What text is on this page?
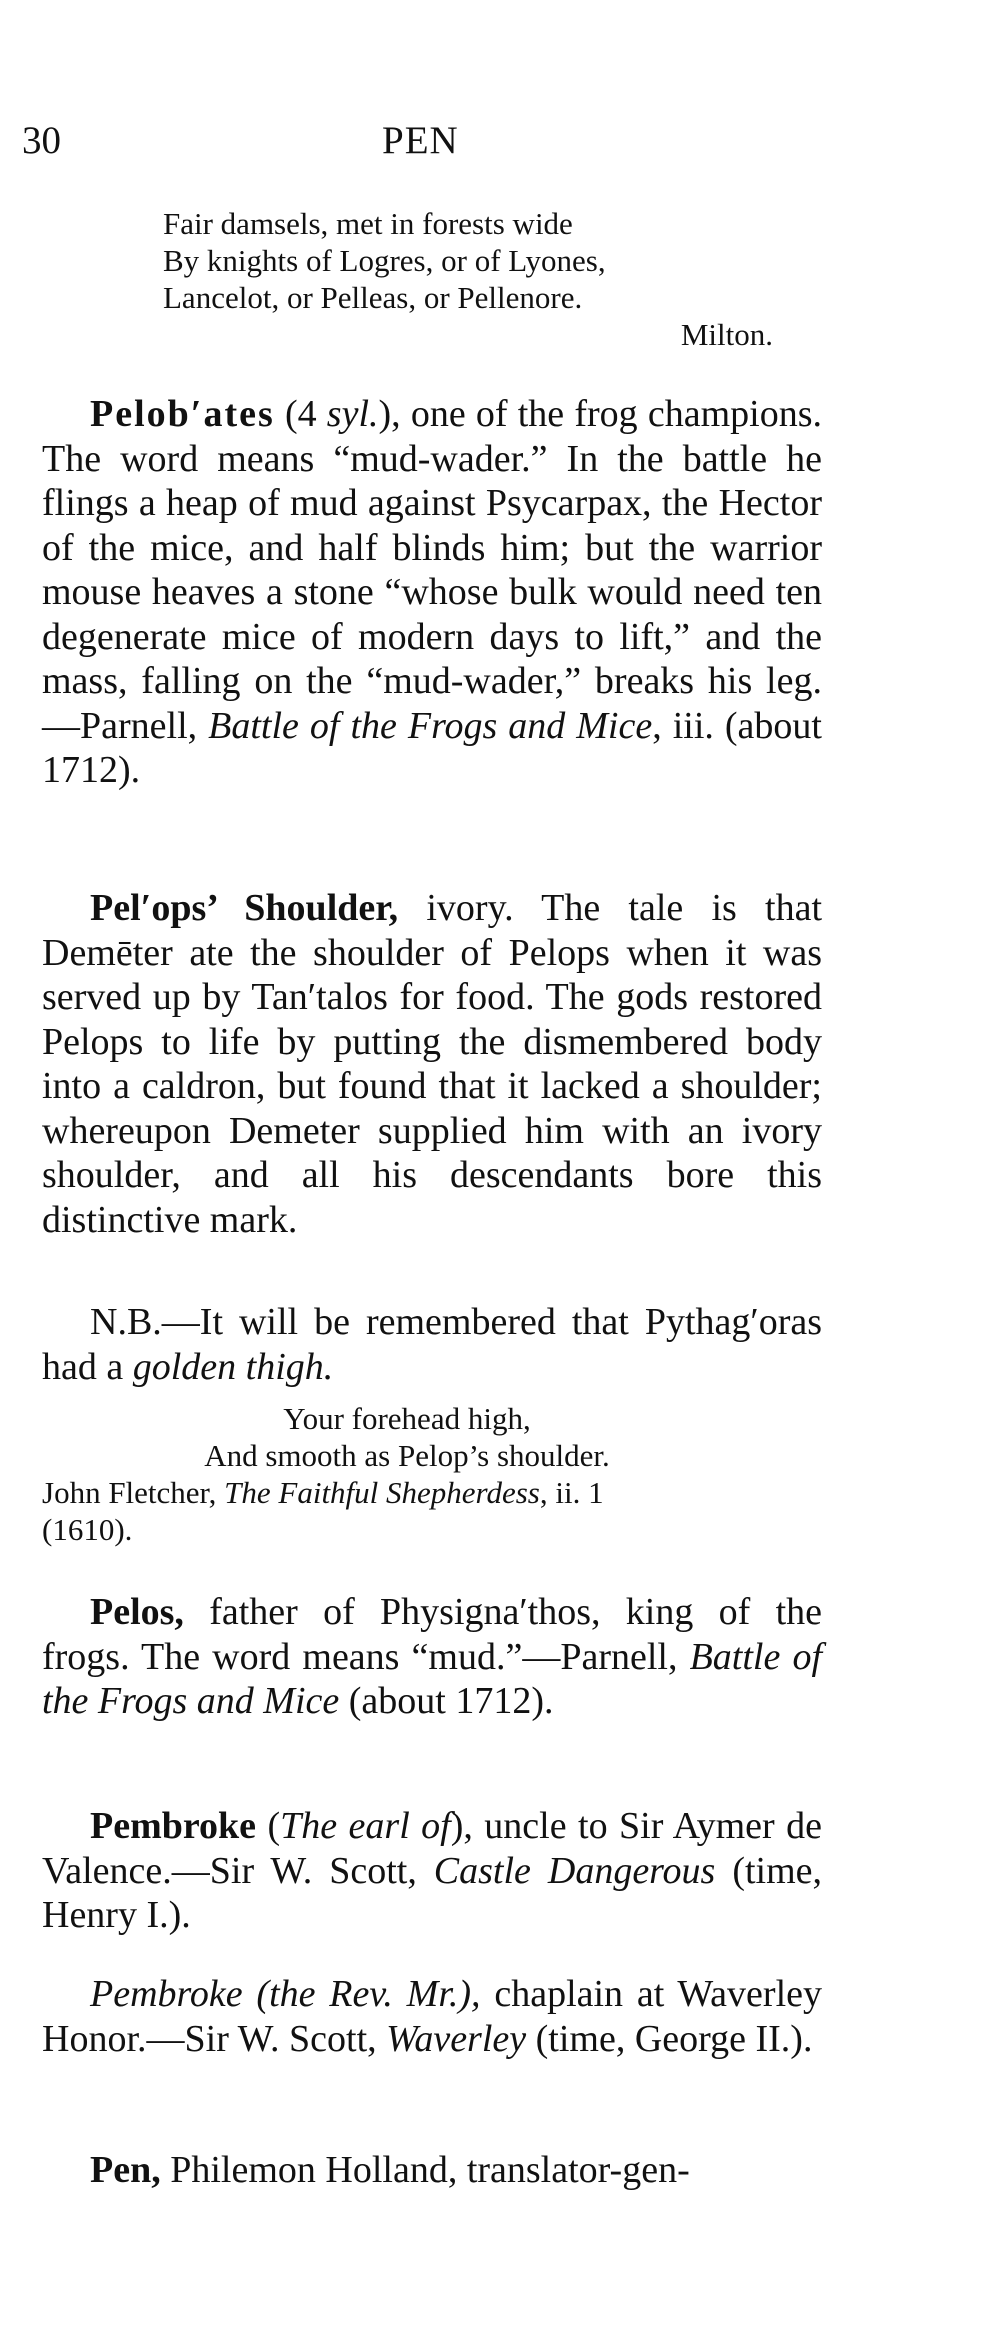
30	PEN
Fair damsels, met in forests wide
By knights of Logres, or of Lyones,
Lancelot, or Pelleas, or Pellenore.
Milton.
Pelob′ates (4 syl.), one of the frog champions. The word means “mud-wader.” In the battle he flings a heap of mud against Psycarpax, the Hector of the mice, and half blinds him; but the warrior mouse heaves a stone “whose bulk would need ten degenerate mice of modern days to lift,” and the mass, falling on the “mud-wader,” breaks his leg.—Parnell, Battle of the Frogs and Mice, iii. (about 1712).
Pel′ops’ Shoulder, ivory. The tale is that Demēter ate the shoulder of Pelops when it was served up by Tan′talos for food. The gods restored Pelops to life by putting the dismembered body into a caldron, but found that it lacked a shoulder; whereupon Demeter supplied him with an ivory shoulder, and all his descendants bore this distinctive mark.
N.B.—It will be remembered that Pythag′oras had a golden thigh.
Your forehead high,
And smooth as Pelop’s shoulder.
John Fletcher, The Faithful Shepherdess, ii. 1
(1610).
Pelos, father of Physigna′thos, king of the frogs. The word means “mud.”—Parnell, Battle of the Frogs and Mice (about 1712).
Pembroke (The earl of), uncle to Sir Aymer de Valence.—Sir W. Scott, Castle Dangerous (time, Henry I.).
Pembroke (the Rev. Mr.), chaplain at Waverley Honor.—Sir W. Scott, Waverley (time, George II.).
Pen, Philemon Holland, translator-gen-
